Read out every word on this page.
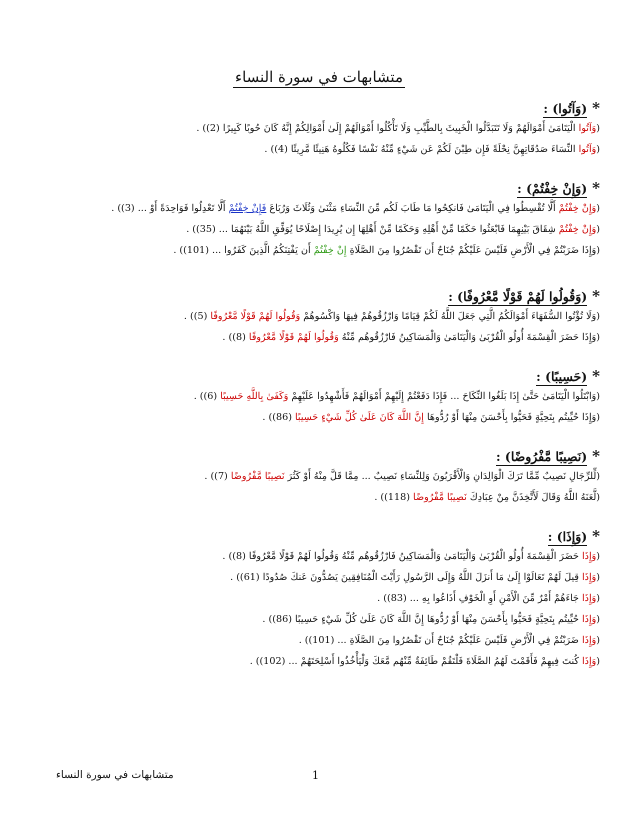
متشابهات في سورة النساء
*(وَآتُوا) :
(وَآتُوا الْيَتَامَىٰ أَمْوَالَهُمْ وَلَا تَتَبَدَّلُوا الْخَبِيثَ بِالطَّيِّبِ وَلَا تَأْكُلُوا أَمْوَالَهُمْ إِلَىٰ أَمْوَالِكُمْ إِنَّهُ كَانَ حُوبًا كَبِيرًا (2)) .
(وَآتُوا النِّسَاءَ صَدُقَاتِهِنَّ نِحْلَةً فَإِن طِبْنَ لَكُمْ عَن شَيْءٍ مِّنْهُ نَفْسًا فَكُلُوهُ هَنِيئًا مَّرِيئًا (4)) .
*(وَإِنْ خِفْتُمْ) :
(وَإِنْ خِفْتُمْ أَلَّا تُقْسِطُوا فِي الْيَتَامَىٰ فَانكِحُوا مَا طَابَ لَكُم مِّنَ النِّسَاءِ مَثْنَىٰ وَثُلَاثَ وَرُبَاعَ فَإِنْ خِفْتُمْ أَلَّا تَعْدِلُوا فَوَاحِدَةً أَوْ ... (3)) .
(وَإِنْ خِفْتُمْ شِقَاقَ بَيْنِهِمَا فَابْعَثُوا حَكَمًا مِّنْ أَهْلِهِ وَحَكَمًا مِّنْ أَهْلِهَا إِن يُرِيدَا إِصْلَاحًا يُوَفِّقِ اللَّهُ بَيْنَهُمَا ... (35)) .
(وَإِذَا ضَرَبْتُمْ فِي الْأَرْضِ فَلَيْسَ عَلَيْكُمْ جُنَاحٌ أَن تَقْصُرُوا مِنَ الصَّلَاةِ إِنْ خِفْتُمْ أَن يَفْتِنَكُمُ الَّذِينَ كَفَرُوا ... (101)) .
*(وَقُولُوا لَهُمْ قَوْلًا مَّعْرُوفًا) :
(وَلَا تُؤْتُوا السُّفَهَاءَ أَمْوَالَكُمُ الَّتِي جَعَلَ اللَّهُ لَكُمْ قِيَامًا وَارْزُقُوهُمْ فِيهَا وَاكْسُوهُمْ وَقُولُوا لَهُمْ قَوْلًا مَّعْرُوفًا (5)) .
(وَإِذَا حَضَرَ الْقِسْمَةَ أُولُو الْقُرْبَىٰ وَالْيَتَامَىٰ وَالْمَسَاكِينُ فَارْزُقُوهُم مِّنْهُ وَقُولُوا لَهُمْ قَوْلًا مَّعْرُوفًا (8)) .
*(حَسِيبًا) :
(وَابْتَلُوا الْيَتَامَىٰ حَتَّىٰ إِذَا بَلَغُوا النِّكَاحَ ... فَإِذَا دَفَعْتُمْ إِلَيْهِمْ أَمْوَالَهُمْ فَأَشْهِدُوا عَلَيْهِمْ وَكَفَىٰ بِاللَّهِ حَسِيبًا (6)) .
(وَإِذَا حُيِّيتُم بِتَحِيَّةٍ فَحَيُّوا بِأَحْسَنَ مِنْهَا أَوْ رُدُّوهَا إِنَّ اللَّهَ كَانَ عَلَىٰ كُلِّ شَيْءٍ حَسِيبًا (86)) .
*(نَصِيبًا مَّفْرُوضًا) :
(لِّلرِّجَالِ نَصِيبٌ مِّمَّا تَرَكَ الْوَالِدَانِ وَالْأَقْرَبُونَ وَلِلنِّسَاءِ نَصِيبٌ ... مِمَّا قَلَّ مِنْهُ أَوْ كَثُرَ نَصِيبًا مَّفْرُوضًا (7)) .
(لَّعَنَهُ اللَّهُ وَقَالَ لَأَتَّخِذَنَّ مِنْ عِبَادِكَ نَصِيبًا مَّفْرُوضًا (118)) .
*(وَإِذَا) :
(وَإِذَا حَضَرَ الْقِسْمَةَ أُولُو الْقُرْبَىٰ وَالْيَتَامَىٰ وَالْمَسَاكِينُ فَارْزُقُوهُم مِّنْهُ وَقُولُوا لَهُمْ قَوْلًا مَّعْرُوفًا (8)) .
(وَإِذَا قِيلَ لَهُمْ تَعَالَوْا إِلَىٰ مَا أَنزَلَ اللَّهُ وَإِلَى الرَّسُولِ رَأَيْتَ الْمُنَافِقِينَ يَصُدُّونَ عَنكَ صُدُودًا (61)) .
(وَإِذَا جَاءَهُمْ أَمْرٌ مِّنَ الْأَمْنِ أَوِ الْخَوْفِ أَذَاعُوا بِهِ ... (83)) .
(وَإِذَا حُيِّيتُم بِتَحِيَّةٍ فَحَيُّوا بِأَحْسَنَ مِنْهَا أَوْ رُدُّوهَا إِنَّ اللَّهَ كَانَ عَلَىٰ كُلِّ شَيْءٍ حَسِيبًا (86)) .
(وَإِذَا ضَرَبْتُمْ فِي الْأَرْضِ فَلَيْسَ عَلَيْكُمْ جُنَاحٌ أَن تَقْصُرُوا مِنَ الصَّلَاةِ ... (101)) .
(وَإِذَا كُنتَ فِيهِمْ فَأَقَمْتَ لَهُمُ الصَّلَاةَ فَلْتَقُمْ طَائِفَةٌ مِّنْهُم مَّعَكَ وَلْيَأْخُذُوا أَسْلِحَتَهُمْ ... (102)) .
1
متشابهات في سورة النساء
